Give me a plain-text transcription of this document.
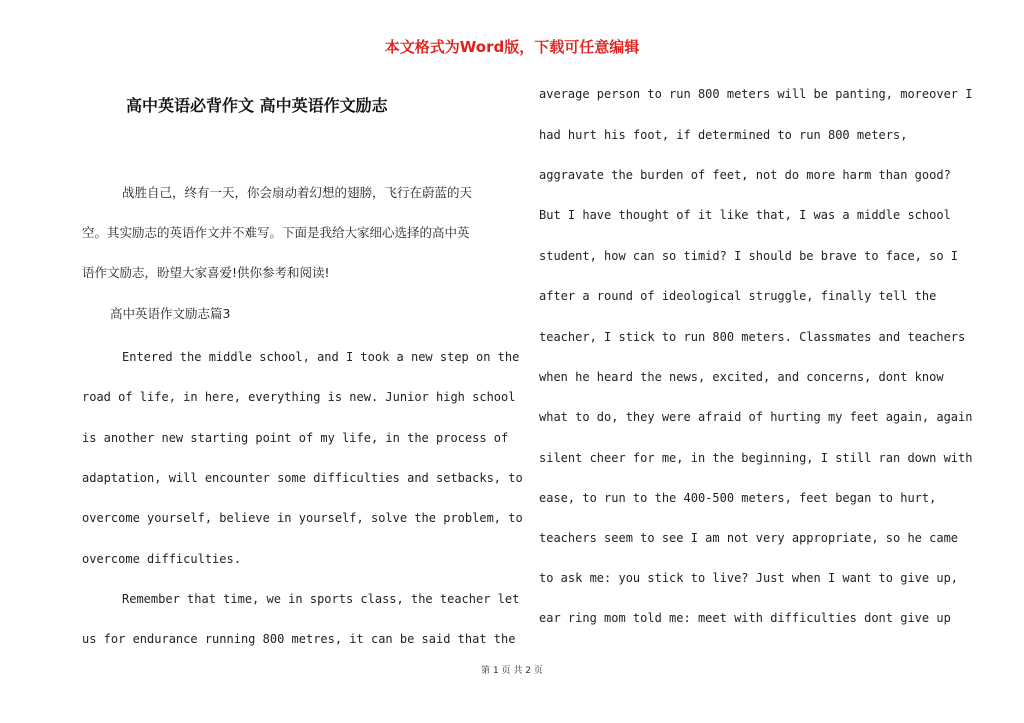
本文格式为Word版，下载可任意编辑
高中英语必背作文 高中英语作文励志
战胜自己，终有一天，你会扇动着幻想的翅膀，飞行在蔚蓝的天
空。其实励志的英语作文并不难写。下面是我给大家细心选择的高中英
语作文励志，盼望大家喜爱!供你参考和阅读!
高中英语作文励志篇3
Entered the middle school, and I took a new step on the
road of life, in here, everything is new. Junior high school
is another new starting point of my life, in the process of
adaptation, will encounter some difficulties and setbacks, to
overcome yourself, believe in yourself, solve the problem, to
overcome difficulties.
Remember that time, we in sports class, the teacher let
us for endurance running 800 metres, it can be said that the
average person to run 800 meters will be panting, moreover I
had hurt his foot, if determined to run 800 meters,
aggravate the burden of feet, not do more harm than good?
But I have thought of it like that, I was a middle school
student, how can so timid? I should be brave to face, so I
after a round of ideological struggle, finally tell the
teacher, I stick to run 800 meters. Classmates and teachers
when he heard the news, excited, and concerns, dont know
what to do, they were afraid of hurting my feet again, again
silent cheer for me, in the beginning, I still ran down with
ease, to run to the 400-500 meters, feet began to hurt,
teachers seem to see I am not very appropriate, so he came
to ask me: you stick to live? Just when I want to give up,
ear ring mom told me: meet with difficulties dont give up
第 1 页 共 2 页
